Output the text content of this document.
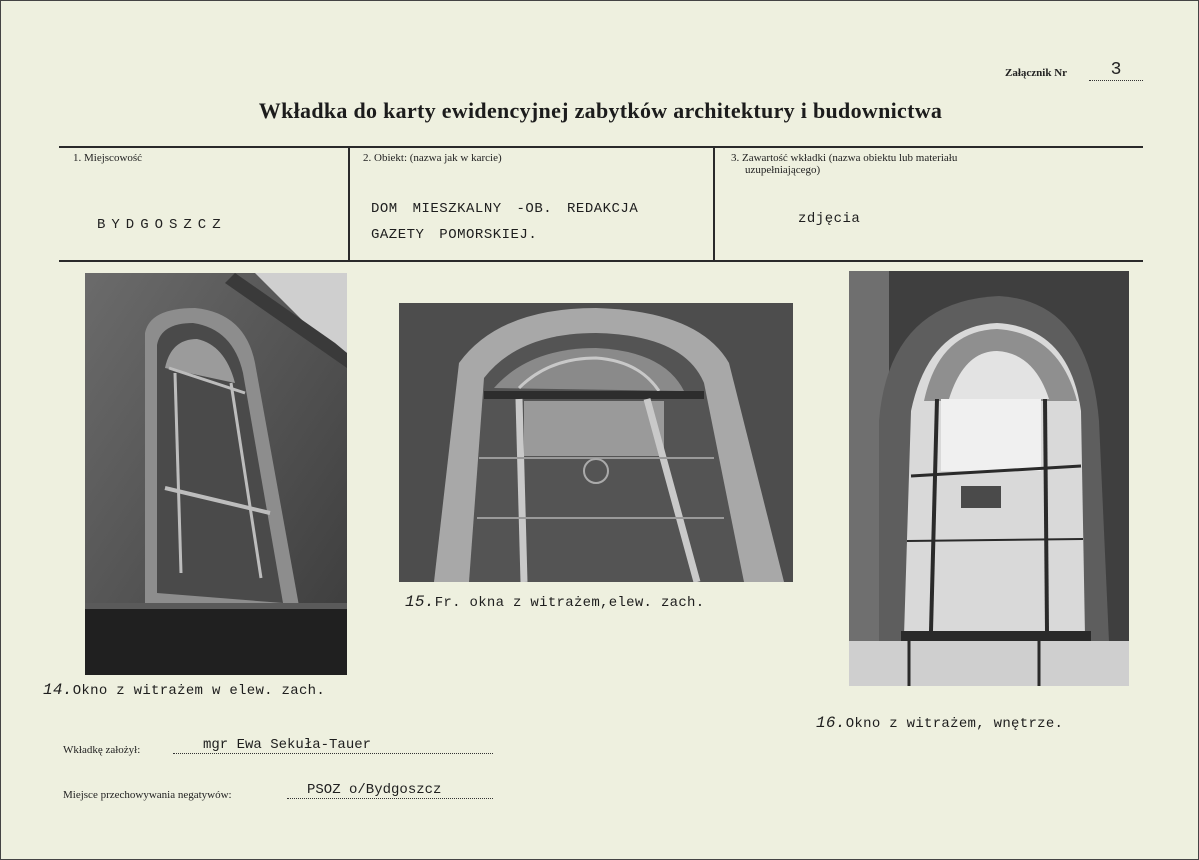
Załącznik Nr	3
Wkładka do karty ewidencyjnej zabytków architektury i budownictwa
1. Miejscowość
BYDGOSZCZ
2. Obiekt: (nazwa jak w karcie)
DOM MIESZKALNY -OB. REDAKCJA
GAZETY POMORSKIEJ.
3. Zawartość wkładki (nazwa obiektu lub materiału
uzupełniającego)
zdjęcia
14.Okno z witrażem w elew. zach.
15.Fr. okna z witrażem,elew. zach.
16.Okno z witrażem, wnętrze.
Wkładkę założył:	mgr Ewa Sekuła-Tauer
Miejsce przechowywania negatywów:	PSOZ o/Bydgoszcz
